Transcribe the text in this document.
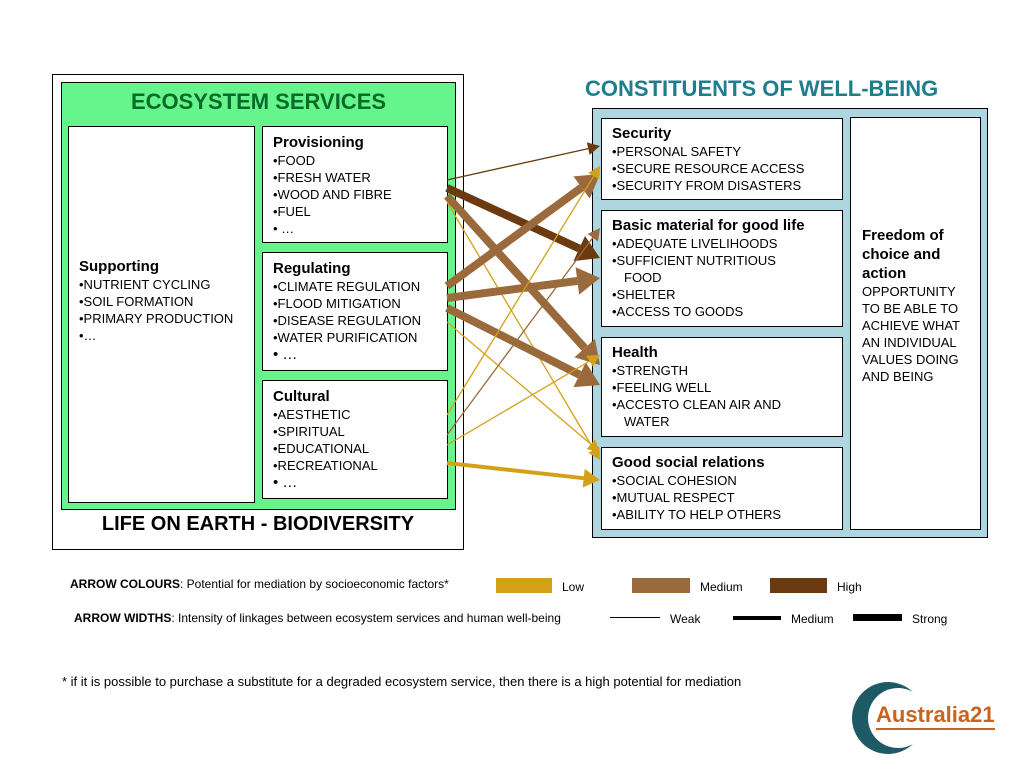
ECOSYSTEM SERVICES
Supporting
•NUTRIENT CYCLING
•SOIL FORMATION
•PRIMARY PRODUCTION
•…
Provisioning
•FOOD
•FRESH WATER
•WOOD AND FIBRE
•FUEL
• …
Regulating
•CLIMATE REGULATION
•FLOOD MITIGATION
•DISEASE REGULATION
•WATER PURIFICATION
• …
Cultural
•AESTHETIC
•SPIRITUAL
•EDUCATIONAL
•RECREATIONAL
• …
LIFE ON EARTH - BIODIVERSITY
CONSTITUENTS OF WELL-BEING
Security
•PERSONAL SAFETY
•SECURE RESOURCE ACCESS
•SECURITY FROM DISASTERS
Basic material for good life
•ADEQUATE LIVELIHOODS
•SUFFICIENT NUTRITIOUS
FOOD
•SHELTER
•ACCESS TO GOODS
Health
•STRENGTH
•FEELING WELL
•ACCESTO CLEAN AIR AND
WATER
Good social relations
•SOCIAL COHESION
•MUTUAL RESPECT
•ABILITY TO HELP OTHERS
Freedom of
choice and
action
OPPORTUNITY
TO BE ABLE TO
ACHIEVE WHAT
AN INDIVIDUAL
VALUES DOING
AND BEING
ARROW COLOURS: Potential for mediation by socioeconomic factors*	Low	Medium	High
ARROW WIDTHS: Intensity of linkages between ecosystem services and human well-being	Weak	Medium	Strong
* if it is possible to purchase a substitute for a degraded ecosystem service, then there is a high potential for mediation
Australia21
